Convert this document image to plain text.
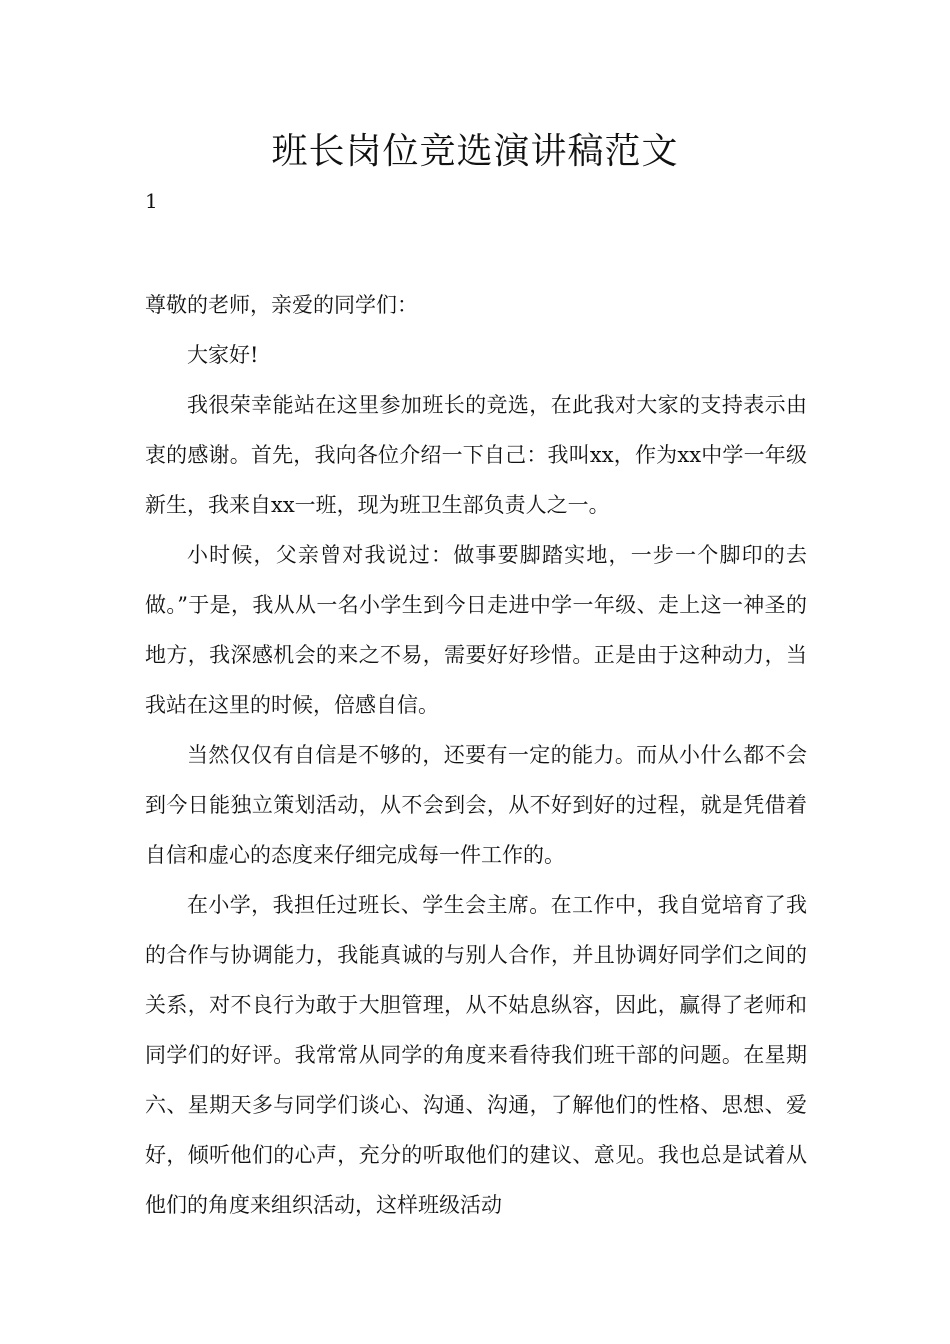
班长岗位竞选演讲稿范文
1

尊敬的老师，亲爱的同学们：

大家好!

我很荣幸能站在这里参加班长的竞选，在此我对大家的支持表示由衷的感谢。首先，我向各位介绍一下自己：我叫xx，作为xx中学一年级新生，我来自xx一班，现为班卫生部负责人之一。

小时候，父亲曾对我说过：做事要脚踏实地，一步一个脚印的去做。”于是，我从从一名小学生到今日走进中学一年级、走上这一神圣的地方，我深感机会的来之不易，需要好好珍惜。正是由于这种动力，当我站在这里的时候，倍感自信。

当然仅仅有自信是不够的，还要有一定的能力。而从小什么都不会到今日能独立策划活动，从不会到会，从不好到好的过程，就是凭借着自信和虚心的态度来仔细完成每一件工作的。

在小学，我担任过班长、学生会主席。在工作中，我自觉培育了我的合作与协调能力，我能真诚的与别人合作，并且协调好同学们之间的关系，对不良行为敢于大胆管理，从不姑息纵容，因此，赢得了老师和同学们的好评。我常常从同学的角度来看待我们班干部的问题。在星期六、星期天多与同学们谈心、沟通、沟通，了解他们的性格、思想、爱好，倾听他们的心声，充分的听取他们的建议、意见。我也总是试着从他们的角度来组织活动，这样班级活动
